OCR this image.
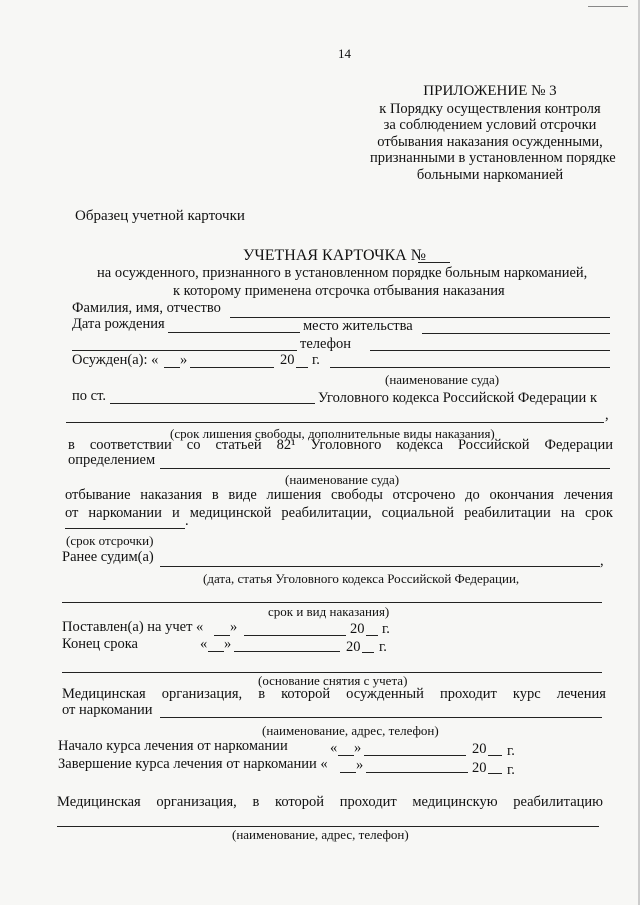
14
ПРИЛОЖЕНИЕ № 3
к Порядку осуществления контроля
за соблюдением условий отсрочки
отбывания наказания осужденными,
признанными в установленном порядке
больными наркоманией
Образец учетной карточки
УЧЕТНАЯ КАРТОЧКА №
на осужденного, признанного в установленном порядке больным наркоманией,
к которому применена отсрочка отбывания наказания
Фамилия, имя, отчество
Дата рождения	место жительства
телефон
Осужден(а): « »	20 г.
(наименование суда)
по ст.	Уголовного кодекса Российской Федерации к
,
(срок лишения свободы, дополнительные виды наказания)
в соответствии со статьей 82¹ Уголовного кодекса Российской Федерации
определением
(наименование суда)
отбывание наказания в виде лишения свободы отсрочено до окончания лечения
от наркомании и медицинской реабилитации, социальной реабилитации на срок
.
(срок отсрочки)
Ранее судим(а)	,
(дата, статья Уголовного кодекса Российской Федерации,
срок и вид наказания)
Поставлен(а) на учет « »	20 г.
Конец срока	« »	20 г.
(основание снятия с учета)
Медицинская организация, в которой осужденный проходит курс лечения
от наркомании
(наименование, адрес, телефон)
Начало курса лечения от наркомании	« »	20 г.
Завершение курса лечения от наркомании « »	20 г.
Медицинская организация, в которой проходит медицинскую реабилитацию
(наименование, адрес, телефон)
